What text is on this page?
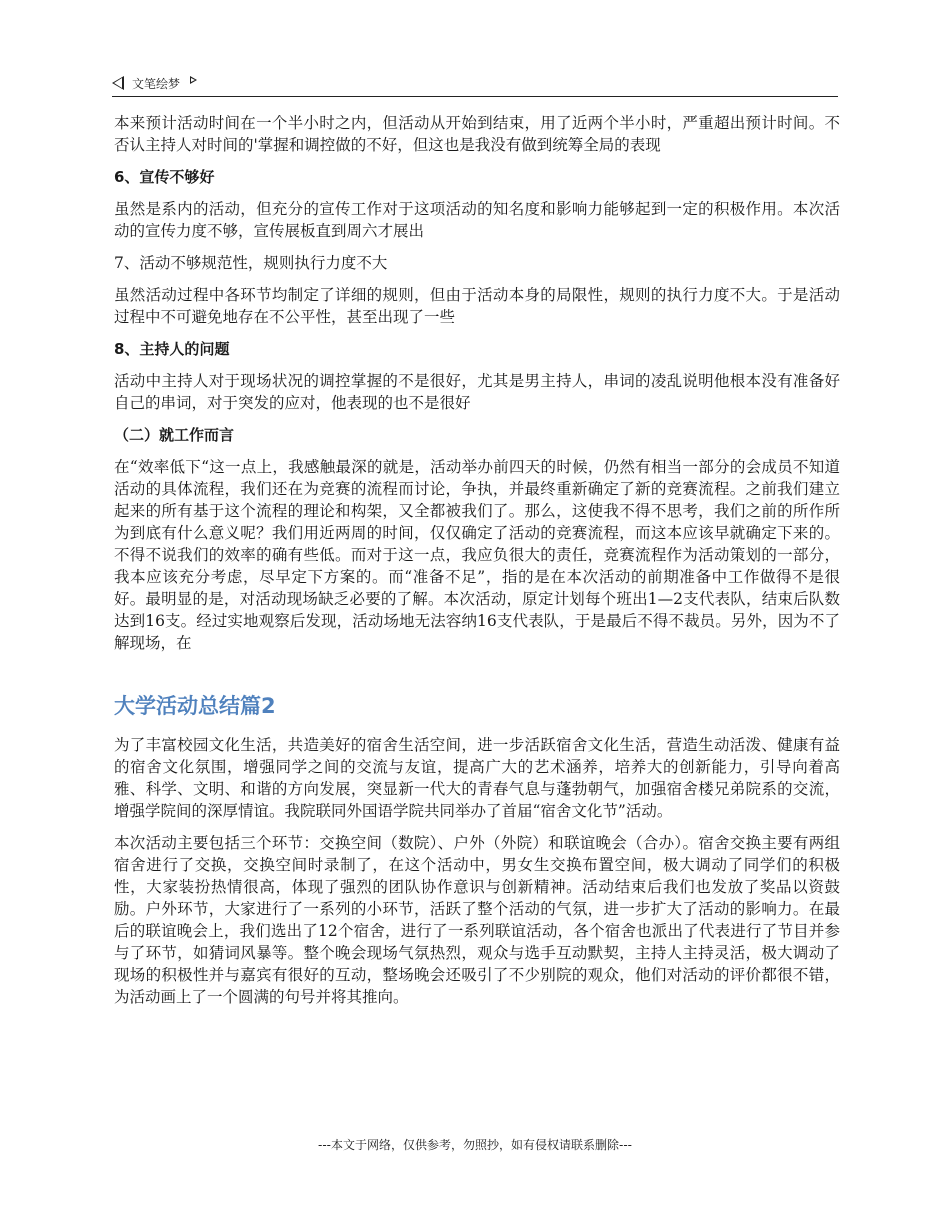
文笔绘梦

本来预计活动时间在一个半小时之内，但活动从开始到结束，用了近两个半小时，严重超出预计时间。不否认主持人对时间的'掌握和调控做的不好，但这也是我没有做到统筹全局的表现

6、宣传不够好

虽然是系内的活动，但充分的宣传工作对于这项活动的知名度和影响力能够起到一定的积极作用。本次活动的宣传力度不够，宣传展板直到周六才展出

7、活动不够规范性，规则执行力度不大

虽然活动过程中各环节均制定了详细的规则，但由于活动本身的局限性，规则的执行力度不大。于是活动过程中不可避免地存在不公平性，甚至出现了一些

8、主持人的问题

活动中主持人对于现场状况的调控掌握的不是很好，尤其是男主持人，串词的凌乱说明他根本没有准备好自己的串词，对于突发的应对，他表现的也不是很好

（二）就工作而言

在“效率低下“这一点上，我感触最深的就是，活动举办前四天的时候，仍然有相当一部分的会成员不知道活动的具体流程，我们还在为竞赛的流程而讨论，争执，并最终重新确定了新的竞赛流程。之前我们建立起来的所有基于这个流程的理论和构架，又全都被我们了。那么，这使我不得不思考，我们之前的所作所为到底有什么意义呢？我们用近两周的时间，仅仅确定了活动的竞赛流程，而这本应该早就确定下来的。不得不说我们的效率的确有些低。而对于这一点，我应负很大的责任，竞赛流程作为活动策划的一部分，我本应该充分考虑，尽早定下方案的。而“准备不足”，指的是在本次活动的前期准备中工作做得不是很好。最明显的是，对活动现场缺乏必要的了解。本次活动，原定计划每个班出1—2支代表队，结束后队数达到16支。经过实地观察后发现，活动场地无法容纳16支代表队，于是最后不得不裁员。另外，因为不了解现场，在

大学活动总结篇2

为了丰富校园文化生活，共造美好的宿舍生活空间，进一步活跃宿舍文化生活，营造生动活泼、健康有益的宿舍文化氛围，增强同学之间的交流与友谊，提高广大的艺术涵养，培养大的创新能力，引导向着高雅、科学、文明、和谐的方向发展，突显新一代大的青春气息与蓬勃朝气，加强宿舍楼兄弟院系的交流，增强学院间的深厚情谊。我院联同外国语学院共同举办了首届“宿舍文化节”活动。

本次活动主要包括三个环节：交换空间（数院）、户外（外院）和联谊晚会（合办）。宿舍交换主要有两组宿舍进行了交换，交换空间时录制了，在这个活动中，男女生交换布置空间，极大调动了同学们的积极性，大家装扮热情很高，体现了强烈的团队协作意识与创新精神。活动结束后我们也发放了奖品以资鼓励。户外环节，大家进行了一系列的小环节，活跃了整个活动的气氛，进一步扩大了活动的影响力。在最后的联谊晚会上，我们选出了12个宿舍，进行了一系列联谊活动，各个宿舍也派出了代表进行了节目并参与了环节，如猜词风暴等。整个晚会现场气氛热烈，观众与选手互动默契，主持人主持灵活，极大调动了现场的积极性并与嘉宾有很好的互动，整场晚会还吸引了不少别院的观众，他们对活动的评价都很不错，为活动画上了一个圆满的句号并将其推向。

---本文于网络，仅供参考，勿照抄，如有侵权请联系删除---
